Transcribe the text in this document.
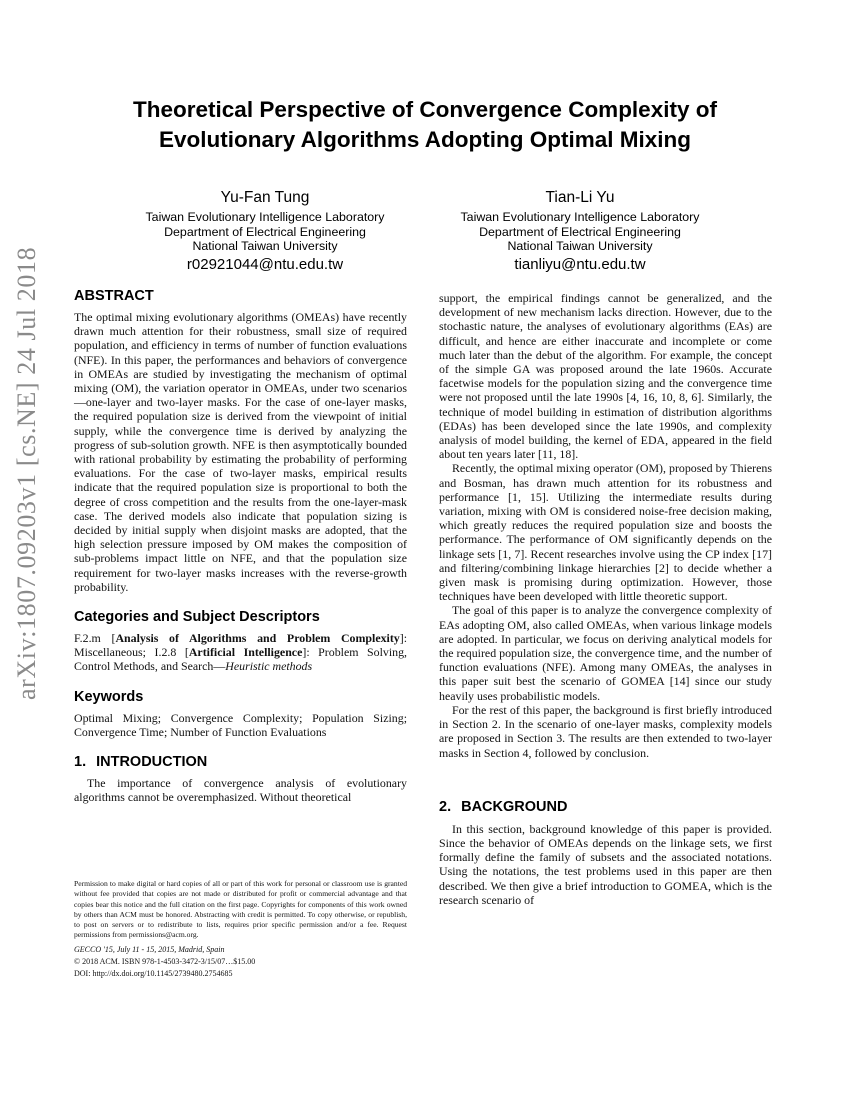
arXiv:1807.09203v1 [cs.NE] 24 Jul 2018
Theoretical Perspective of Convergence Complexity of
Evolutionary Algorithms Adopting Optimal Mixing
Yu-Fan Tung
Taiwan Evolutionary Intelligence Laboratory
Department of Electrical Engineering
National Taiwan University
r02921044@ntu.edu.tw
Tian-Li Yu
Taiwan Evolutionary Intelligence Laboratory
Department of Electrical Engineering
National Taiwan University
tianliyu@ntu.edu.tw
ABSTRACT

The optimal mixing evolutionary algorithms (OMEAs) have recently drawn much attention for their robustness, small size of required population, and efficiency in terms of number of function evaluations (NFE). In this paper, the performances and behaviors of convergence in OMEAs are studied by investigating the mechanism of optimal mixing (OM), the variation operator in OMEAs, under two scenarios—one-layer and two-layer masks. For the case of one-layer masks, the required population size is derived from the viewpoint of initial supply, while the convergence time is derived by analyzing the progress of sub-solution growth. NFE is then asymptotically bounded with rational probability by estimating the probability of performing evaluations. For the case of two-layer masks, empirical results indicate that the required population size is proportional to both the degree of cross competition and the results from the one-layer-mask case. The derived models also indicate that population sizing is decided by initial supply when disjoint masks are adopted, that the high selection pressure imposed by OM makes the composition of sub-problems impact little on NFE, and that the population size requirement for two-layer masks increases with the reverse-growth probability.

Categories and Subject Descriptors

F.2.m [Analysis of Algorithms and Problem Complexity]: Miscellaneous; I.2.8 [Artificial Intelligence]: Problem Solving, Control Methods, and Search—Heuristic methods

Keywords

Optimal Mixing; Convergence Complexity; Population Sizing; Convergence Time; Number of Function Evaluations

1. INTRODUCTION

The importance of convergence analysis of evolutionary algorithms cannot be overemphasized. Without theoretical

Permission to make digital or hard copies of all or part of this work for personal or classroom use is granted without fee provided that copies are not made or distributed for profit or commercial advantage and that copies bear this notice and the full citation on the first page. Copyrights for components of this work owned by others than ACM must be honored. Abstracting with credit is permitted. To copy otherwise, or republish, to post on servers or to redistribute to lists, requires prior specific permission and/or a fee. Request permissions from permissions@acm.org.

GECCO '15, July 11 - 15, 2015, Madrid, Spain
© 2018 ACM. ISBN 978-1-4503-3472-3/15/07…$15.00
DOI: http://dx.doi.org/10.1145/2739480.2754685

support, the empirical findings cannot be generalized, and the development of new mechanism lacks direction. However, due to the stochastic nature, the analyses of evolutionary algorithms (EAs) are difficult, and hence are either inaccurate and incomplete or come much later than the debut of the algorithm. For example, the concept of the simple GA was proposed around the late 1960s. Accurate facetwise models for the population sizing and the convergence time were not proposed until the late 1990s [4, 16, 10, 8, 6]. Similarly, the technique of model building in estimation of distribution algorithms (EDAs) has been developed since the late 1990s, and complexity analysis of model building, the kernel of EDA, appeared in the field about ten years later [11, 18].

Recently, the optimal mixing operator (OM), proposed by Thierens and Bosman, has drawn much attention for its robustness and performance [1, 15]. Utilizing the intermediate results during variation, mixing with OM is considered noise-free decision making, which greatly reduces the required population size and boosts the performance. The performance of OM significantly depends on the linkage sets [1, 7]. Recent researches involve using the CP index [17] and filtering/combining linkage hierarchies [2] to decide whether a given mask is promising during optimization. However, those techniques have been developed with little theoretic support.

The goal of this paper is to analyze the convergence complexity of EAs adopting OM, also called OMEAs, when various linkage models are adopted. In particular, we focus on deriving analytical models for the required population size, the convergence time, and the number of function evaluations (NFE). Among many OMEAs, the analyses in this paper suit best the scenario of GOMEA [14] since our study heavily uses probabilistic models.

For the rest of this paper, the background is first briefly introduced in Section 2. In the scenario of one-layer masks, complexity models are proposed in Section 3. The results are then extended to two-layer masks in Section 4, followed by conclusion.

2. BACKGROUND

In this section, background knowledge of this paper is provided. Since the behavior of OMEAs depends on the linkage sets, we first formally define the family of subsets and the associated notations. Using the notations, the test problems used in this paper are then described. We then give a brief introduction to GOMEA, which is the research scenario of
